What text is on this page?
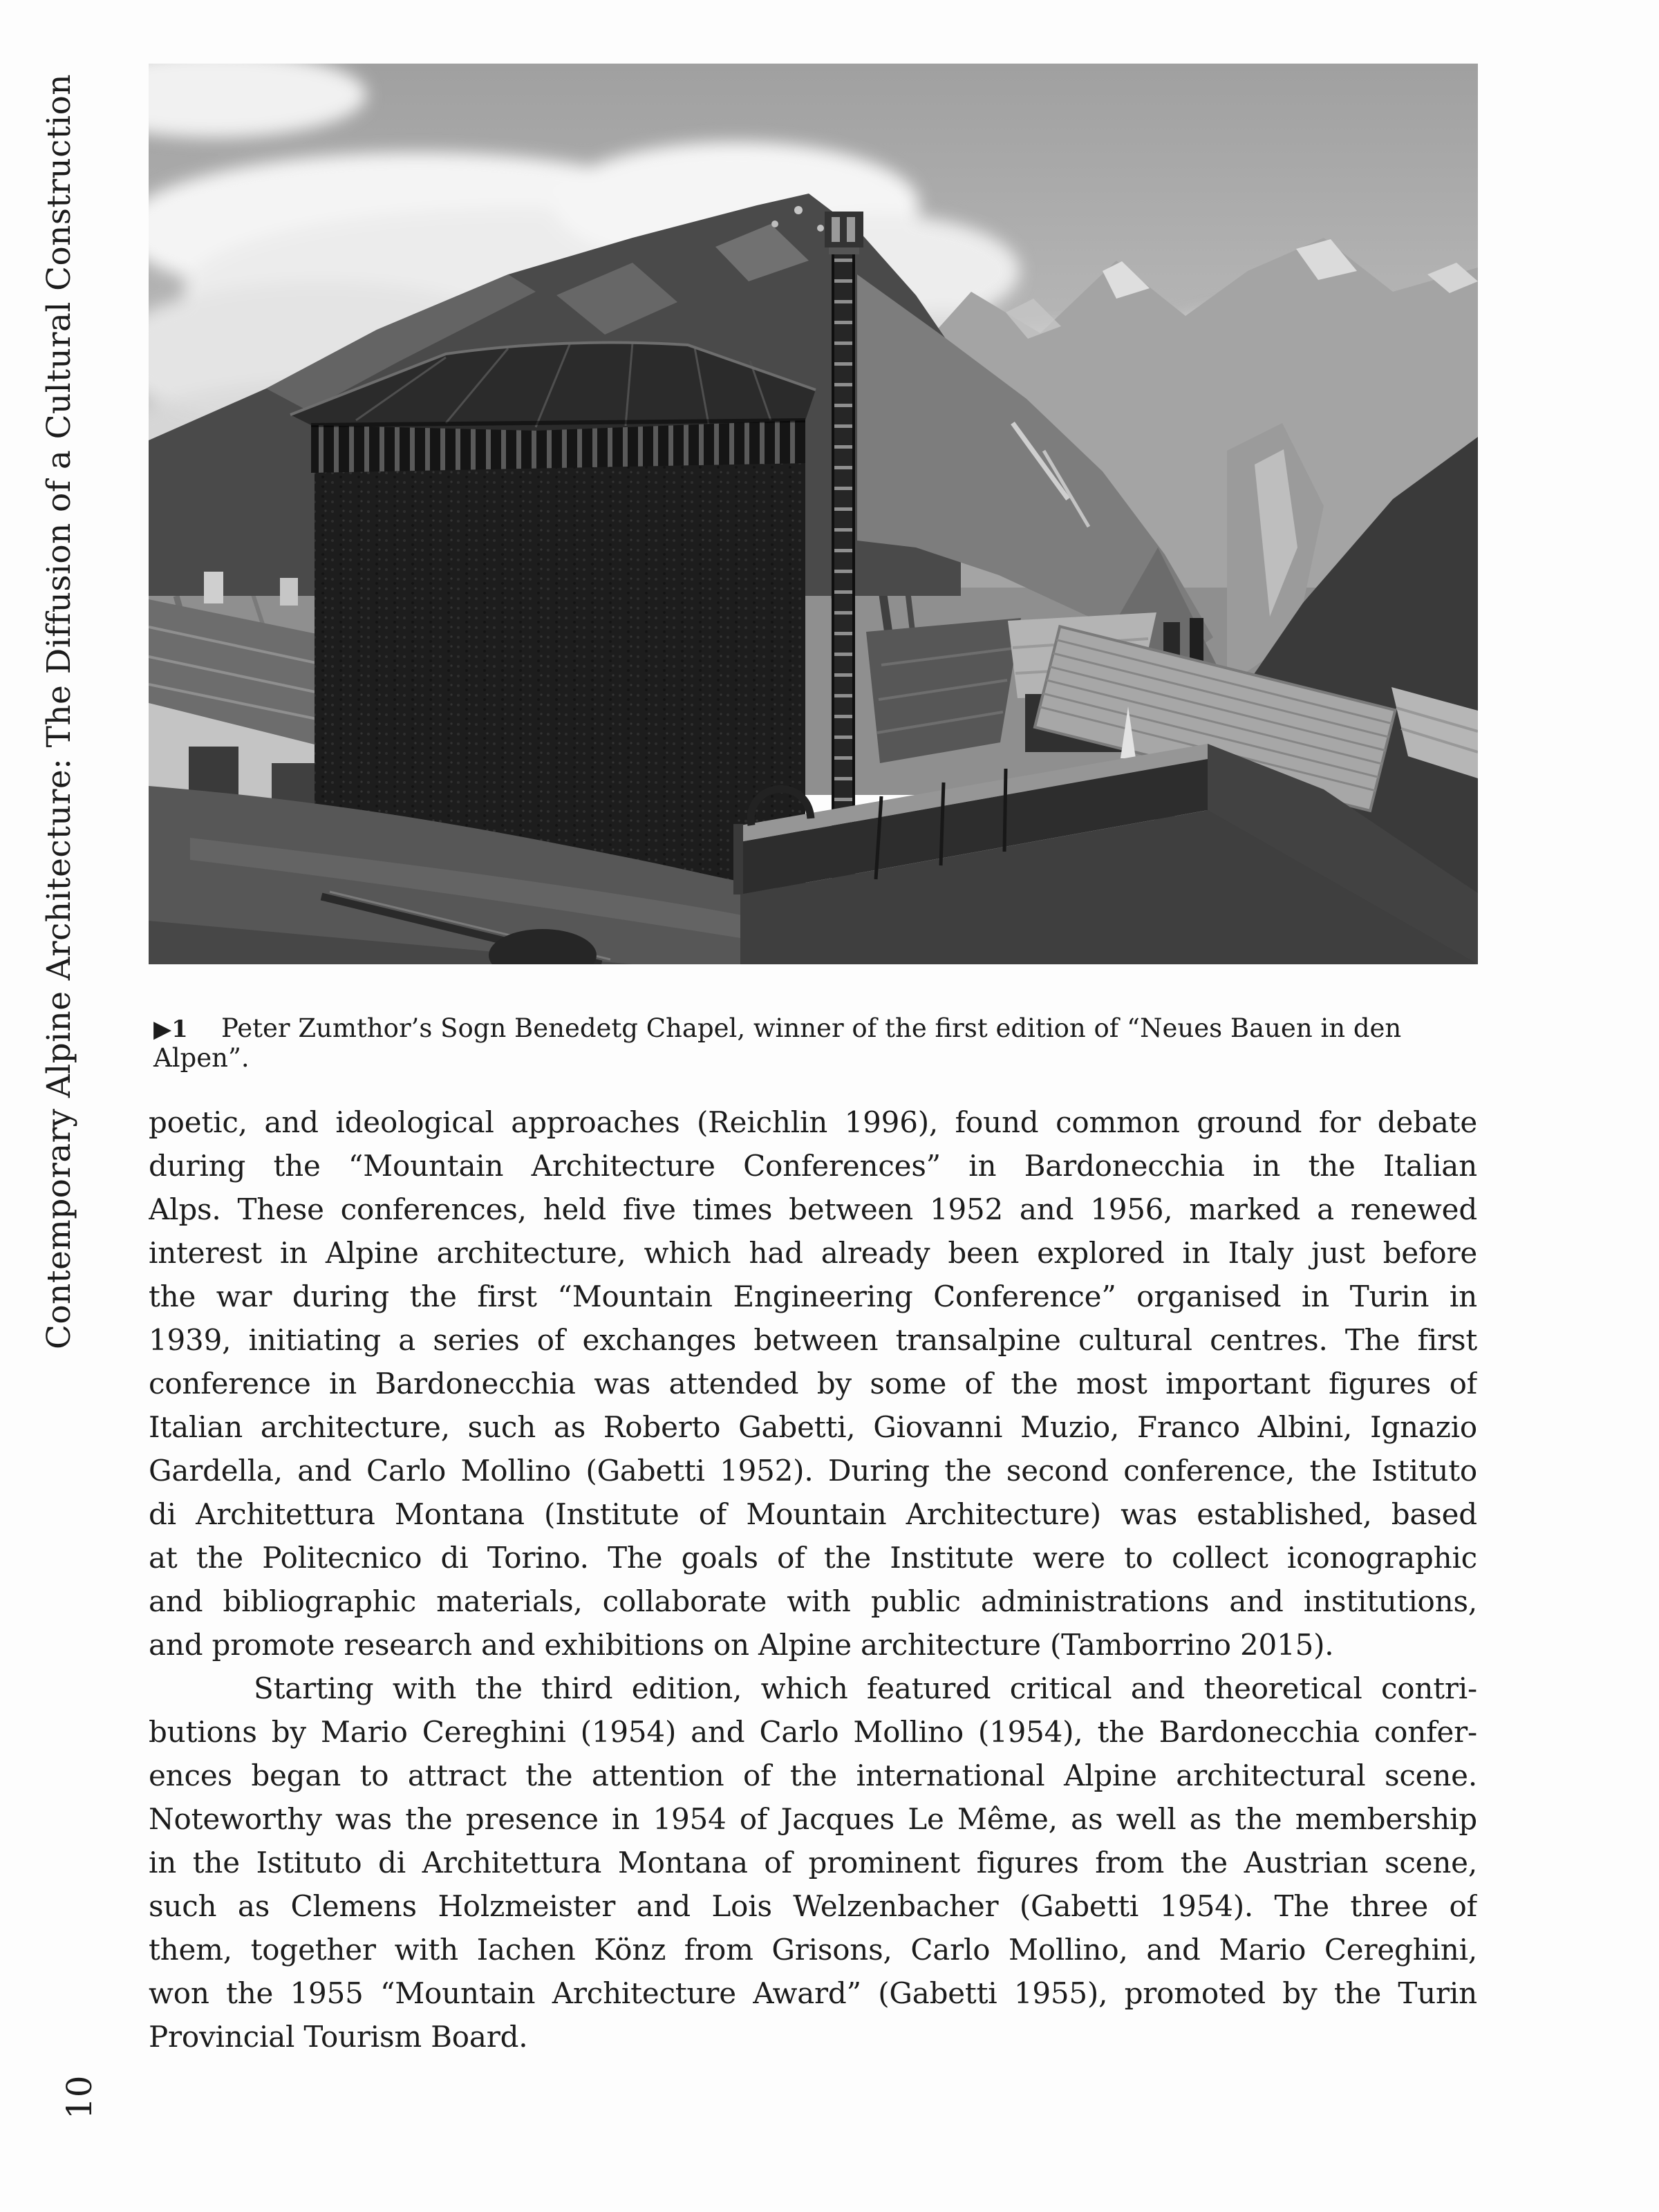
Contemporary Alpine Architecture: The Diffusion of a Cultural Construction
10
▶1 Peter Zumthor’s Sogn Benedetg Chapel, winner of the first edition of “Neues Bauen in den Alpen”.
poetic, and ideological approaches (Reichlin 1996), found common ground for debate
during the “Mountain Architecture Conferences” in Bardonecchia in the Italian
Alps. These conferences, held five times between 1952 and 1956, marked a renewed
interest in Alpine architecture, which had already been explored in Italy just before
the war during the first “Mountain Engineering Conference” organised in Turin in
1939, initiating a series of exchanges between transalpine cultural centres. The first
conference in Bardonecchia was attended by some of the most important figures of
Italian architecture, such as Roberto Gabetti, Giovanni Muzio, Franco Albini, Ignazio
Gardella, and Carlo Mollino (Gabetti 1952). During the second conference, the Istituto
di Architettura Montana (Institute of Mountain Architecture) was established, based
at the Politecnico di Torino. The goals of the Institute were to collect iconographic
and bibliographic materials, collaborate with public administrations and institutions,
and promote research and exhibitions on Alpine architecture (Tamborrino 2015).
Starting with the third edition, which featured critical and theoretical contri-
butions by Mario Cereghini (1954) and Carlo Mollino (1954), the Bardonecchia confer-
ences began to attract the attention of the international Alpine architectural scene.
Noteworthy was the presence in 1954 of Jacques Le Même, as well as the membership
in the Istituto di Architettura Montana of prominent figures from the Austrian scene,
such as Clemens Holzmeister and Lois Welzenbacher (Gabetti 1954). The three of
them, together with Iachen Könz from Grisons, Carlo Mollino, and Mario Cereghini,
won the 1955 “Mountain Architecture Award” (Gabetti 1955), promoted by the Turin
Provincial Tourism Board.
